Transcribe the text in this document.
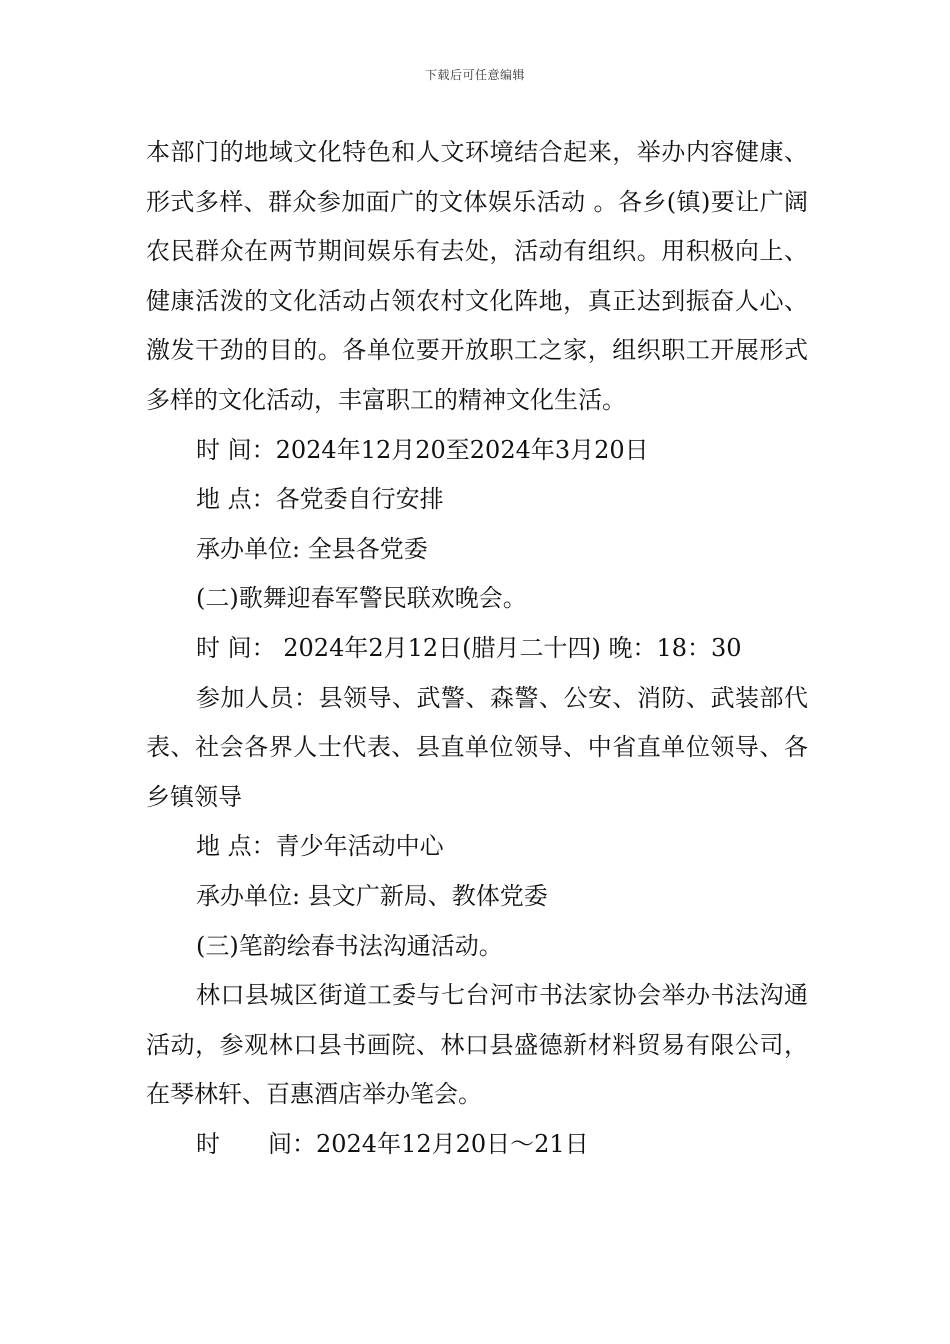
下载后可任意编辑

本部门的地域文化特色和人文环境结合起来，举办内容健康、形式多样、群众参加面广的文体娱乐活动 。各乡(镇)要让广阔农民群众在两节期间娱乐有去处，活动有组织。用积极向上、健康活泼的文化活动占领农村文化阵地，真正达到振奋人心、激发干劲的目的。各单位要开放职工之家，组织职工开展形式多样的文化活动，丰富职工的精神文化生活。

时 间：2024年12月20至2024年3月20日

地 点：各党委自行安排

承办单位: 全县各党委

(二)歌舞迎春军警民联欢晚会。

时 间： 2024年2月12日(腊月二十四) 晚：18：30

参加人员：县领导、武警、森警、公安、消防、武装部代表、社会各界人士代表、县直单位领导、中省直单位领导、各乡镇领导

地 点：青少年活动中心

承办单位: 县文广新局、教体党委

(三)笔韵绘春书法沟通活动。

林口县城区街道工委与七台河市书法家协会举办书法沟通活动，参观林口县书画院、林口县盛德新材料贸易有限公司，在琴林轩、百惠酒店举办笔会。

时　　间：2024年12月20日～21日
